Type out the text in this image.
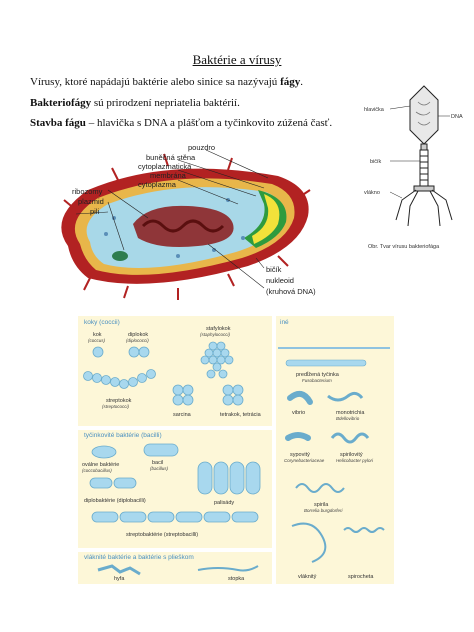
Baktérie a vírusy
Vírusy, ktoré napádajú baktérie alebo sinice sa nazývajú fágy.
Bakteriofágy sú prirodzení nepriatelia baktérií.
Stavba fágu – hlavička s DNA a plášťom a tyčinkovito zúžená časť.
pouzdro
buněčná stěna
cytoplazmatická
membrána
cytoplazma
ribozomy
plazmid
pili
bičík
nukleoid
(kruhová DNA)
hlavička
DNA
bičík
vlákno
Obr. Tvar vírusu bakteriofága
koky (coccii)
tyčinkovité baktérie (bacilli)
vláknité baktérie a baktérie s plieškom
iné
kok
(coccus)
diplokok
(diplococci)
stafylokok
(staphylococci)
streptokok
(streptococci)
sarcina	tetrakok, tetrácia
oválne baktérie
(coccobacillus)
bacil
(bacillus)
diplobaktérie (diplobacilli)	palisády
streptobaktérie (streptobacilli)
hyfa	stopka
predĺžená tyčinka
Fusobacterium
vibrio	monotrichia
Bdellovibrio
sypovitý
Corynebacteriaceae
spirilovitý
Helicobacter pylori
spirila
Borrelia burgdorferi
vláknitý	spirocheta
